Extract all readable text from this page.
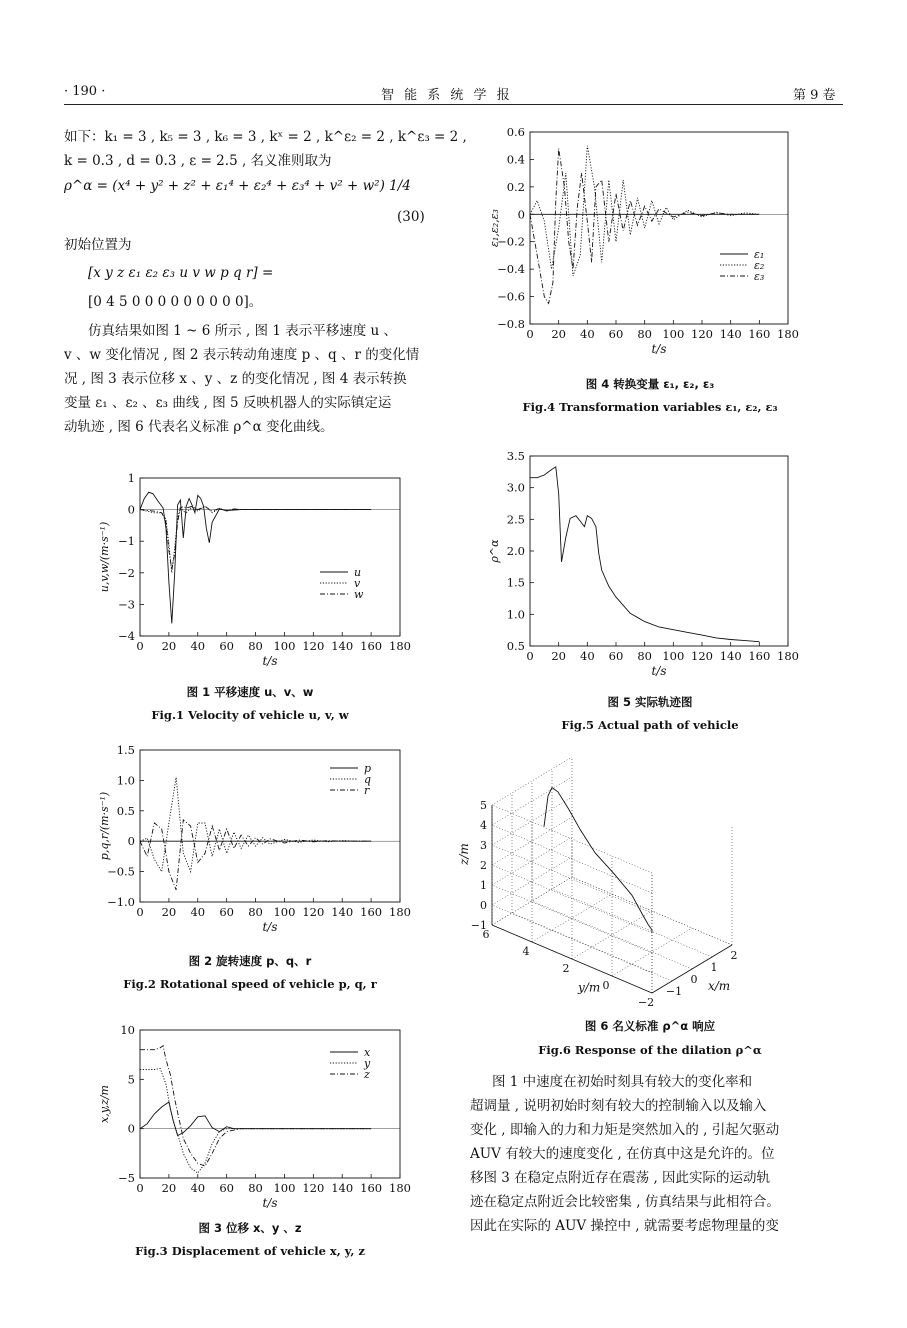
· 190 ·	智 能 系 统 学 报	第 9 卷
如下：k₁ = 3 , k₅ = 3 , k₆ = 3 , kˣ = 2 , k^ε₂ = 2 , k^ε₃ = 2 ,
k = 0.3 , d = 0.3 , ε = 2.5 , 名义准则取为
ρ^α = (x⁴ + y² + z² + ε₁⁴ + ε₂⁴ + ε₃⁴ + v² + w²) 1/4
(30)
初始位置为
[x y z ε₁ ε₂ ε₃ u v w p q r] =
[0 4 5 0 0 0 0 0 0 0 0 0]。
仿真结果如图 1 ~ 6 所示 , 图 1 表示平移速度 u 、
v 、w 变化情况 , 图 2 表示转动角速度 p 、q 、r 的变化情
况 , 图 3 表示位移 x 、y 、z 的变化情况 , 图 4 表示转换
变量 ε₁ 、ε₂ 、ε₃ 曲线 , 图 5 反映机器人的实际镇定运
动轨迹 , 图 6 代表名义标准 ρ^α 变化曲线。
图 1 中速度在初始时刻具有较大的变化率和
超调量 , 说明初始时刻有较大的控制输入以及输入
变化 , 即输入的力和力矩是突然加入的 , 引起欠驱动
AUV 有较大的速度变化 , 在仿真中这是允许的。位
移图 3 在稳定点附近存在震荡 , 因此实际的运动轨
迹在稳定点附近会比较密集 , 仿真结果与此相符合。
因此在实际的 AUV 操控中 , 就需要考虑物理量的变
0 20 40 60 80 100 120 140 160 180
1
0
−1
−2
−3
−4
t/s
u,v,w/(m·s⁻¹)	u
v
w
图 1 平移速度 u、v、w
Fig.1 Velocity of vehicle u, v, w
0 20 40 60 80 100 120 140 160 180
1.5
1.0
0.5
0
−0.5
−1.0
t/s
p,q,r/(m·s⁻¹)
p
q
r
图 2 旋转速度 p、q、r
Fig.2 Rotational speed of vehicle p, q, r
0 20 40 60 80 100 120 140 160 180
10
5
0
−5
t/s
x,y,z/m
x
y
z
图 3 位移 x、y 、z
Fig.3 Displacement of vehicle x, y, z
0 20 40 60 80 100 120 140 160 180
0.6
0.4
0.2
0
−0.2
−0.4
−0.6
−0.8
t/s
ε₁,ε₂,ε₃
ε₁
ε₂
ε₃
图 4 转换变量 ε₁, ε₂, ε₃
Fig.4 Transformation variables ε₁, ε₂, ε₃
0 20 40 60 80 100 120 140 160 180
3.5
3.0
2.5
2.0
1.5
1.0
0.5
t/s
ρ^α
图 5 实际轨迹图
Fig.5 Actual path of vehicle
−1
0
1
2
−2
0
2
4
6
5
4
3
2
1
0
−1
x/m
y/m
z/m
图 6 名义标准 ρ^α 响应
Fig.6 Response of the dilation ρ^α
